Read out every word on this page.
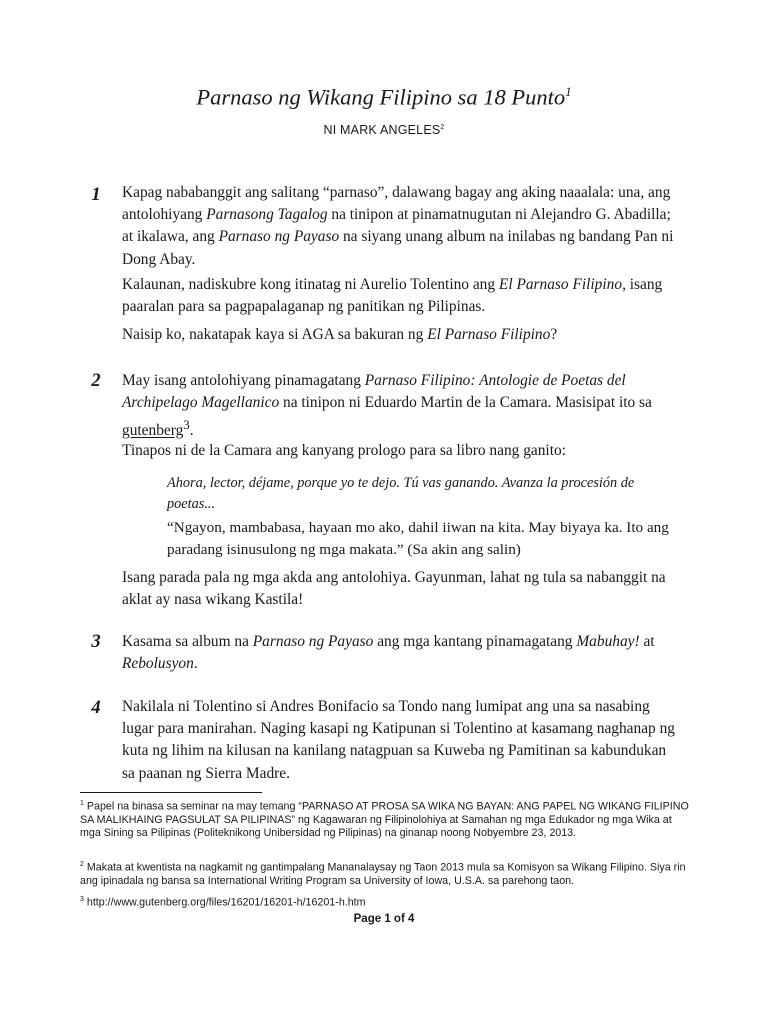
Parnaso ng Wikang Filipino sa 18 Punto$^1$
NI MARK ANGELES$^2$
1	Kapag nababanggit ang salitang “parnaso”, dalawang bagay ang aking naaalala: una, ang antolohiyang Parnasong Tagalog na tinipon at pinamatnugutan ni Alejandro G. Abadilla; at ikalawa, ang Parnaso ng Payaso na siyang unang album na inilabas ng bandang Pan ni Dong Abay.
Kalaunan, nadiskubre kong itinatag ni Aurelio Tolentino ang El Parnaso Filipino, isang paaralan para sa pagpapalaganap ng panitikan ng Pilipinas.
Naisip ko, nakatapak kaya si AGA sa bakuran ng El Parnaso Filipino?
2	May isang antolohiyang pinamagatang Parnaso Filipino: Antologie de Poetas del Archipelago Magellanico na tinipon ni Eduardo Martin de la Camara. Masisipat ito sa gutenberg$^3$.
Tinapos ni de la Camara ang kanyang prologo para sa libro nang ganito:
Ahora, lector, déjame, porque yo te dejo. Tú vas ganando. Avanza la procesión de poetas...
“Ngayon, mambabasa, hayaan mo ako, dahil iiwan na kita. May biyaya ka. Ito ang paradang isinusulong ng mga makata.” (Sa akin ang salin)
Isang parada pala ng mga akda ang antolohiya. Gayunman, lahat ng tula sa nabanggit na aklat ay nasa wikang Kastila!
3	Kasama sa album na Parnaso ng Payaso ang mga kantang pinamagatang Mabuhay! at Rebolusyon.
4	Nakilala ni Tolentino si Andres Bonifacio sa Tondo nang lumipat ang una sa nasabing lugar para manirahan. Naging kasapi ng Katipunan si Tolentino at kasamang naghanap ng kuta ng lihim na kilusan na kanilang natagpuan sa Kuweba ng Pamitinan sa kabundukan sa paanan ng Sierra Madre.
$^1$ Papel na binasa sa seminar na may temang “PARNASO AT PROSA SA WIKA NG BAYAN: ANG PAPEL NG WIKANG FILIPINO SA MALIKHAING PAGSULAT SA PILIPINAS” ng Kagawaran ng Filipinolohiya at Samahan ng mga Edukador ng mga Wika at mga Sining sa Pilipinas (Politeknikong Unibersidad ng Pilipinas) na ginanap noong Nobyembre 23, 2013.
$^2$ Makata at kwentista na nagkamit ng gantimpalang Mananalaysay ng Taon 2013 mula sa Komisyon sa Wikang Filipino. Siya rin ang ipinadala ng bansa sa International Writing Program sa University of Iowa, U.S.A. sa parehong taon.
$^3$ http://www.gutenberg.org/files/16201/16201-h/16201-h.htm
Page 1 of 4
